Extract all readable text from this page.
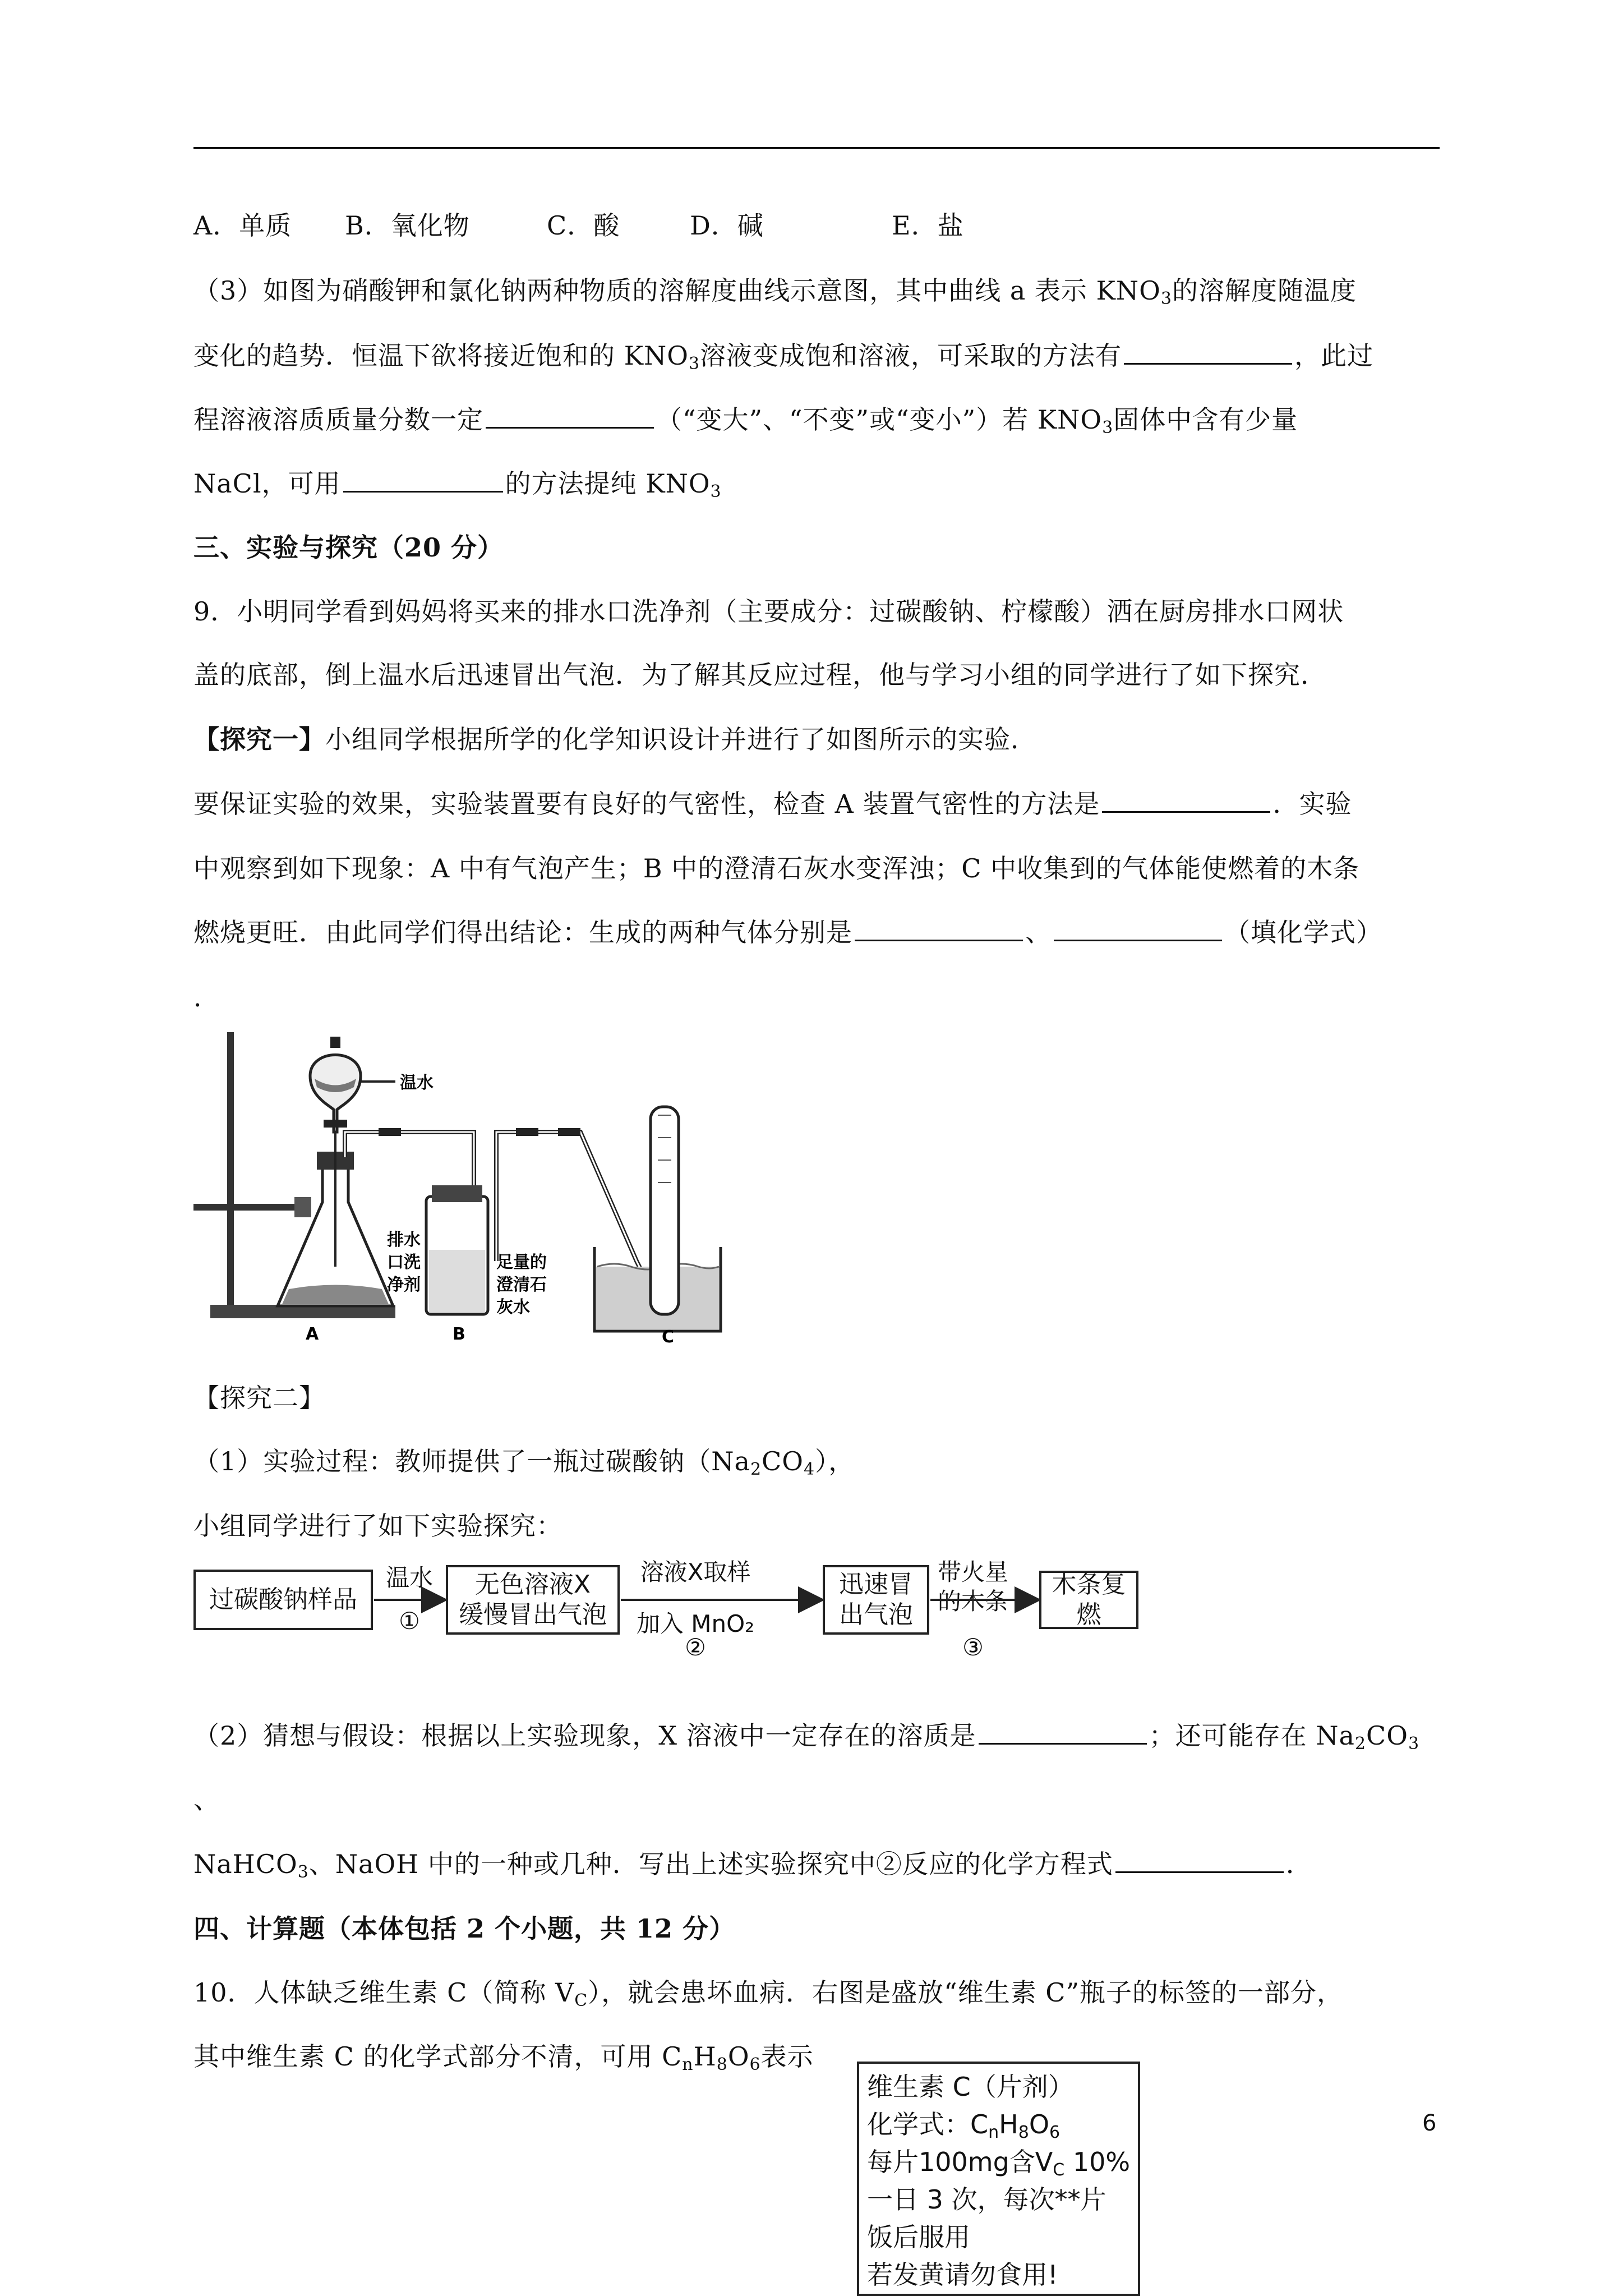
A．单质 B．氧化物	C．酸	D．碱	E．盐
（3）如图为硝酸钾和氯化钠两种物质的溶解度曲线示意图，其中曲线 a 表示 $KNO_3$的溶解度随温度
变化的趋势．恒温下欲将接近饱和的 $KNO_3$溶液变成饱和溶液，可采取的方法有	，此过
程溶液溶质质量分数一定	（“变大”、“不变”或“变小”）若 $KNO_3$固体中含有少量
NaCl，可用	的方法提纯 $KNO_3$
三、实验与探究（20 分）
9．小明同学看到妈妈将买来的排水口洗净剂（主要成分：过碳酸钠、柠檬酸）洒在厨房排水口网状
盖的底部，倒上温水后迅速冒出气泡．为了解其反应过程，他与学习小组的同学进行了如下探究．
【探究一】小组同学根据所学的化学知识设计并进行了如图所示的实验．
要保证实验的效果，实验装置要有良好的气密性，检查 A 装置气密性的方法是	．实验
中观察到如下现象：A 中有气泡产生；B 中的澄清石灰水变浑浊；C 中收集到的气体能使燃着的木条
燃烧更旺．由此同学们得出结论：生成的两种气体分别是	、	（填化学式）
．
温水
排水
口洗
净剂
足量的
澄清石
灰水
A	B	C
【探究二】
（1）实验过程：教师提供了一瓶过碳酸钠$(Na_2CO_4)$，
小组同学进行了如下实验探究：
过碳酸钠样品
温水
①
无色溶液X
缓慢冒出气泡
溶液X取样
加入 MnO₂
②
迅速冒
出气泡
带火星
的木条
③
木条复燃
（2）猜想与假设：根据以上实验现象，X 溶液中一定存在的溶质是	；还可能存在 $Na_2CO_3$
、
NaHCO$_3$、NaOH 中的一种或几种．写出上述实验探究中②反应的化学方程式	．
四、计算题（本体包括 2 个小题，共 12 分）
10．人体缺乏维生素 C（简称 $V_C$），就会患坏血病．右图是盛放“维生素 C”瓶子的标签的一部分，
其中维生素 C 的化学式部分不清，可用 $C_nH_8O_6$表示
维生素 C（片剂）
化学式：$C_nH_8O_6$
每片100mg含$V_C$ 10%
一日 3 次，每次**片
饭后服用
若发黄请勿食用!
6
